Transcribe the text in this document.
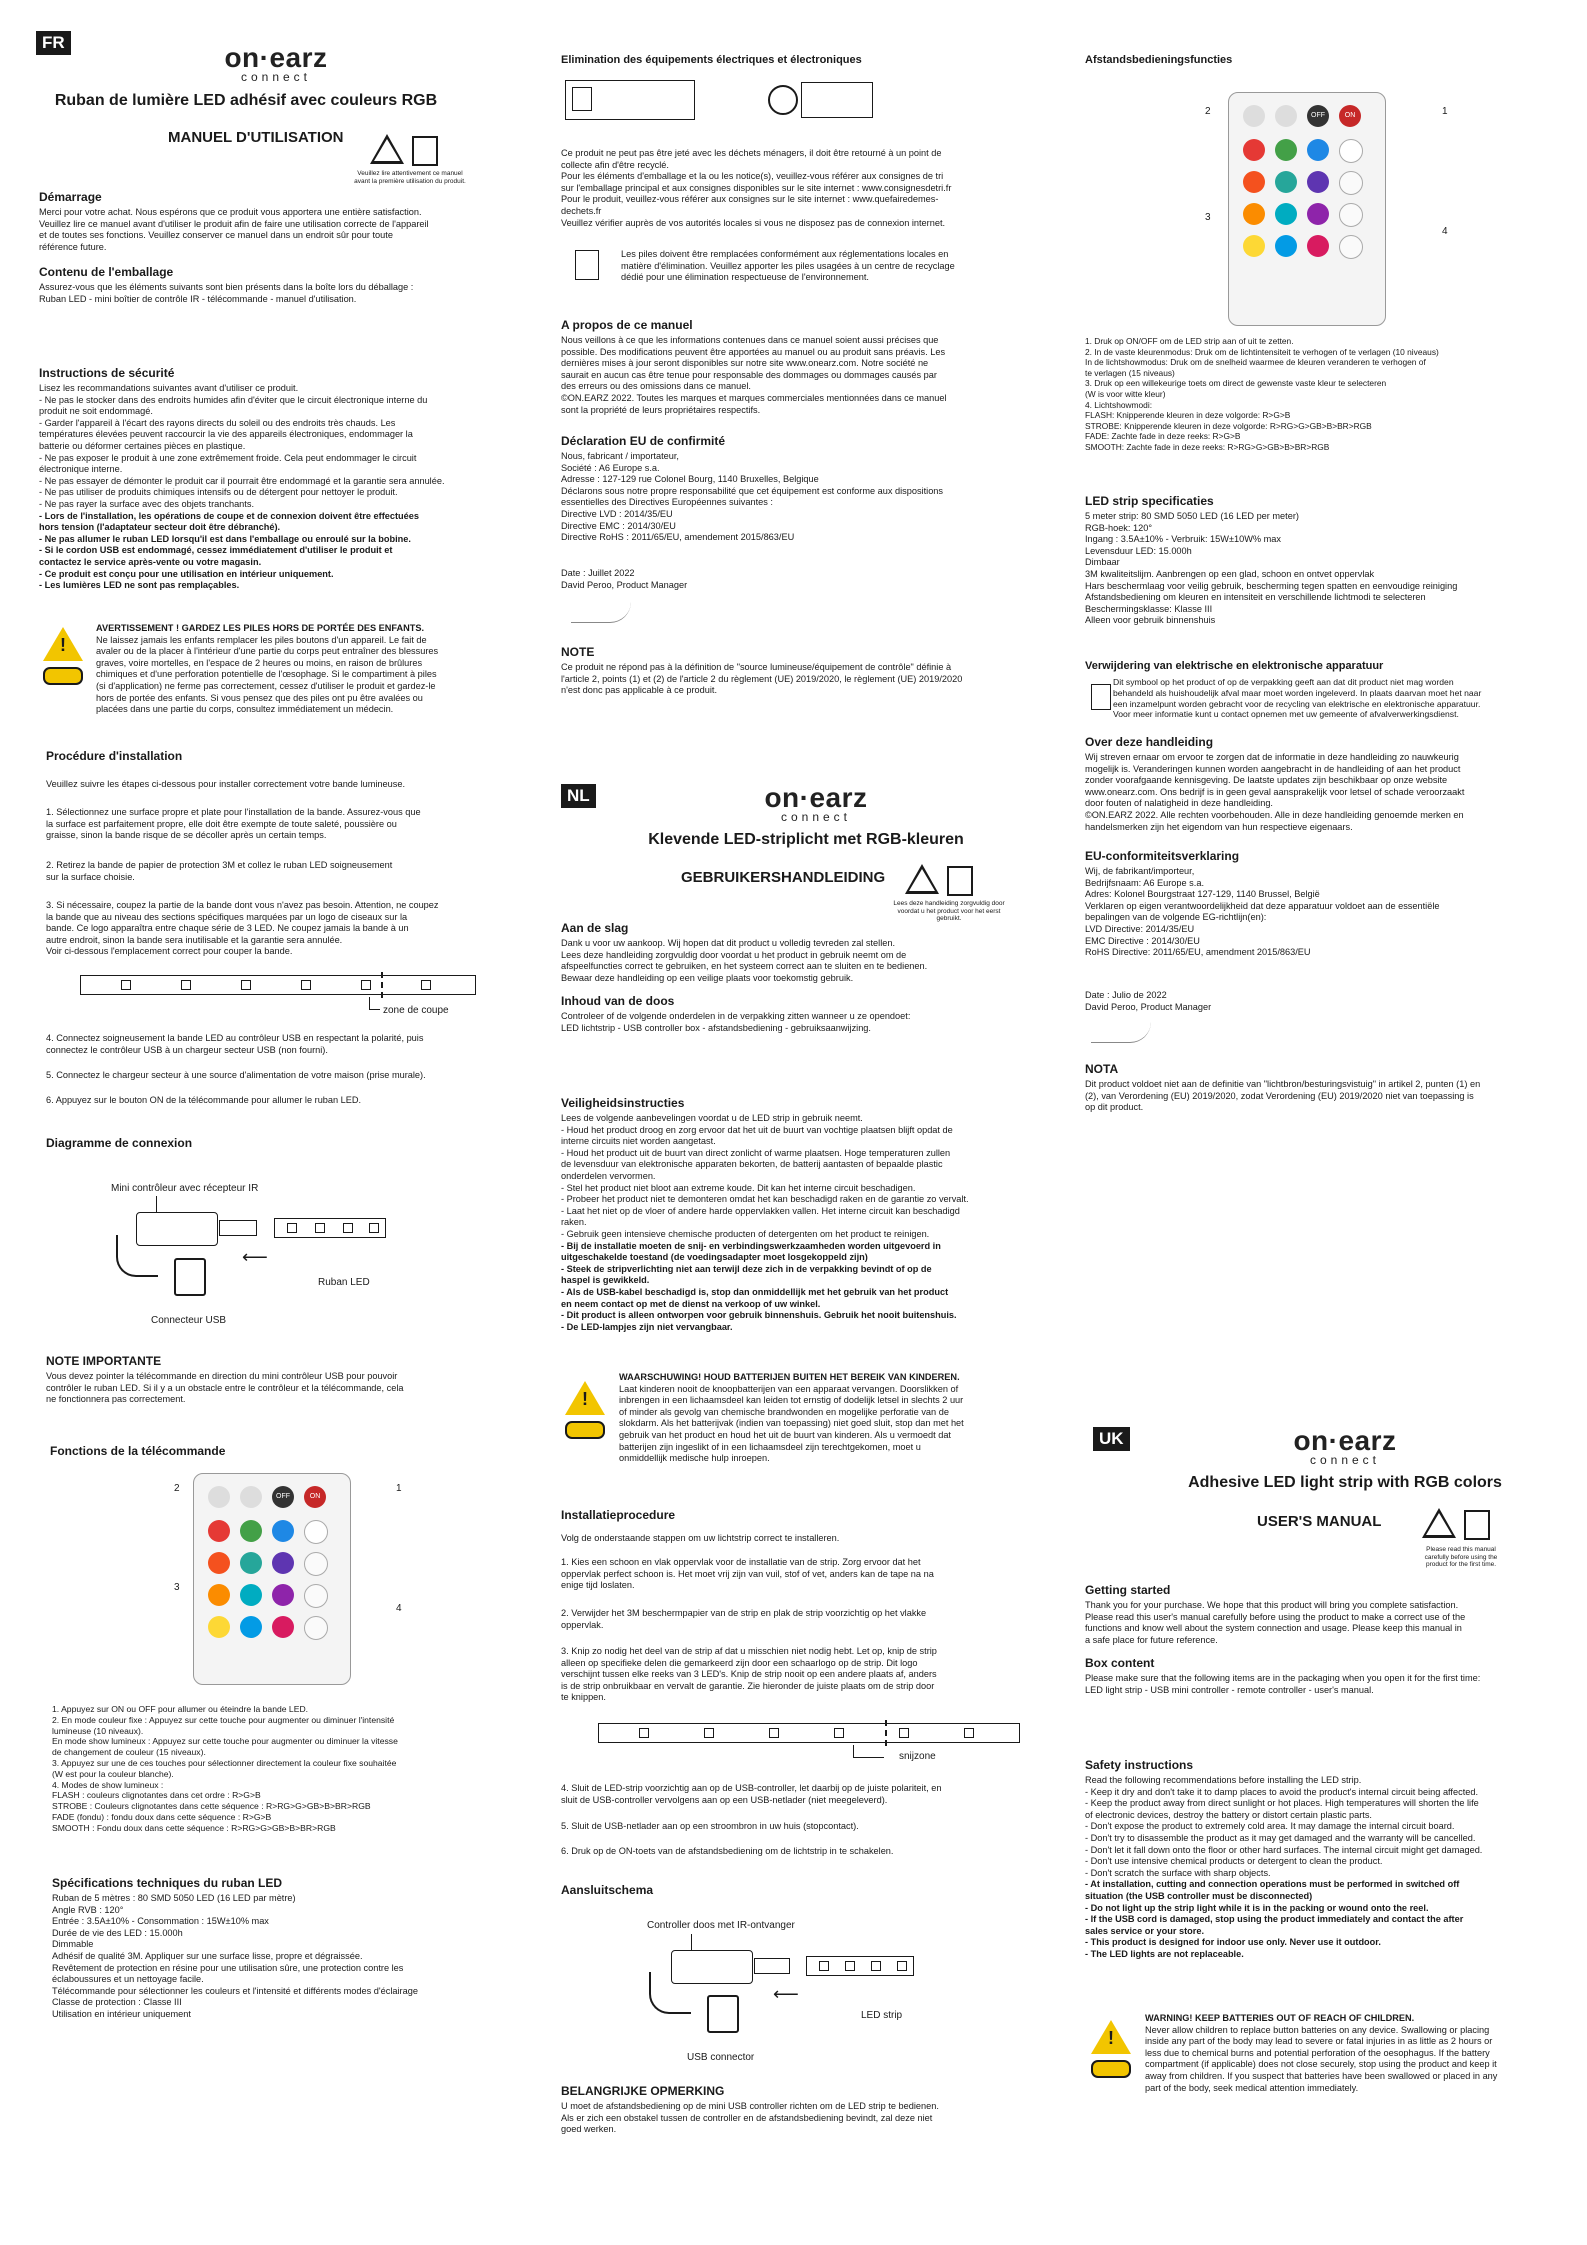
FR	on·earz
connect
Ruban de lumière LED adhésif avec couleurs RGB
MANUEL D'UTILISATION
Veuillez lire attentivement ce manuel avant la première utilisation du produit.
Démarrage

Merci pour votre achat. Nous espérons que ce produit vous apportera une entière satisfaction.
Veuillez lire ce manuel avant d'utiliser le produit afin de faire une utilisation correcte de l'appareil
et de toutes ses fonctions. Veuillez conserver ce manuel dans un endroit sûr pour toute
référence future.

Contenu de l'emballage

Assurez-vous que les éléments suivants sont bien présents dans la boîte lors du déballage :
Ruban LED - mini boîtier de contrôle IR - télécommande - manuel d'utilisation.

Instructions de sécurité

Lisez les recommandations suivantes avant d'utiliser ce produit.
- Ne pas le stocker dans des endroits humides afin d'éviter que le circuit électronique interne du
produit ne soit endommagé.
- Garder l'appareil à l'écart des rayons directs du soleil ou des endroits très chauds. Les
températures élevées peuvent raccourcir la vie des appareils électroniques, endommager la
batterie ou déformer certaines pièces en plastique.
- Ne pas exposer le produit à une zone extrêmement froide. Cela peut endommager le circuit
électronique interne.
- Ne pas essayer de démonter le produit car il pourrait être endommagé et la garantie sera annulée.
- Ne pas utiliser de produits chimiques intensifs ou de détergent pour nettoyer le produit.
- Ne pas rayer la surface avec des objets tranchants.

- Lors de l'installation, les opérations de coupe et de connexion doivent être effectuées
hors tension (l'adaptateur secteur doit être débranché).
- Ne pas allumer le ruban LED lorsqu'il est dans l'emballage ou enroulé sur la bobine.
- Si le cordon USB est endommagé, cessez immédiatement d'utiliser le produit et
contactez le service après-vente ou votre magasin.
- Ce produit est conçu pour une utilisation en intérieur uniquement.
- Les lumières LED ne sont pas remplaçables.

!

AVERTISSEMENT ! GARDEZ LES PILES HORS DE PORTÉE DES ENFANTS.

Ne laissez jamais les enfants remplacer les piles boutons d'un appareil. Le fait de
avaler ou de la placer à l'intérieur d'une partie du corps peut entraîner des blessures
graves, voire mortelles, en l'espace de 2 heures ou moins, en raison de brûlures
chimiques et d'une perforation potentielle de l'œsophage. Si le compartiment à piles
(si d'application) ne ferme pas correctement, cessez d'utiliser le produit et gardez-le
hors de portée des enfants. Si vous pensez que des piles ont pu être avalées ou
placées dans une partie du corps, consultez immédiatement un médecin.

Procédure d'installation

Veuillez suivre les étapes ci-dessous pour installer correctement votre bande lumineuse.

1. Sélectionnez une surface propre et plate pour l'installation de la bande. Assurez-vous que
la surface est parfaitement propre, elle doit être exempte de toute saleté, poussière ou
graisse, sinon la bande risque de se décoller après un certain temps.

2. Retirez la bande de papier de protection 3M et collez le ruban LED soigneusement
sur la surface choisie.

3. Si nécessaire, coupez la partie de la bande dont vous n'avez pas besoin. Attention, ne coupez
la bande que au niveau des sections spécifiques marquées par un logo de ciseaux sur la
bande. Ce logo apparaîtra entre chaque série de 3 LED. Ne coupez jamais la bande à un
autre endroit, sinon la bande sera inutilisable et la garantie sera annulée.
Voir ci-dessous l'emplacement correct pour couper la bande.

zone de coupe

4. Connectez soigneusement la bande LED au contrôleur USB en respectant la polarité, puis
connectez le contrôleur USB à un chargeur secteur USB (non fourni).

5. Connectez le chargeur secteur à une source d'alimentation de votre maison (prise murale).

6. Appuyez sur le bouton ON de la télécommande pour allumer le ruban LED.

Diagramme de connexion
Mini contrôleur avec récepteur IR
⟵
Ruban LED
Connecteur USB
NOTE IMPORTANTE

Vous devez pointer la télécommande en direction du mini contrôleur USB pour pouvoir
contrôler le ruban LED. Si il y a un obstacle entre le contrôleur et la télécommande, cela
ne fonctionnera pas correctement.

Fonctions de la télécommande
OFF	ON
2	1
3
4

1. Appuyez sur ON ou OFF pour allumer ou éteindre la bande LED.
2. En mode couleur fixe : Appuyez sur cette touche pour augmenter ou diminuer l'intensité
lumineuse (10 niveaux).
En mode show lumineux : Appuyez sur cette touche pour augmenter ou diminuer la vitesse
de changement de couleur (15 niveaux).
3. Appuyez sur une de ces touches pour sélectionner directement la couleur fixe souhaitée
(W est pour la couleur blanche).
4. Modes de show lumineux :
FLASH : couleurs clignotantes dans cet ordre : R>G>B
STROBE : Couleurs clignotantes dans cette séquence : R>RG>G>GB>B>BR>RGB
FADE (fondu) : fondu doux dans cette séquence : R>G>B
SMOOTH : Fondu doux dans cette séquence : R>RG>G>GB>B>BR>RGB

Spécifications techniques du ruban LED

Ruban de 5 mètres : 80 SMD 5050 LED (16 LED par mètre)
Angle RVB : 120°
Entrée : 3.5A±10% - Consommation : 15W±10% max
Durée de vie des LED : 15.000h
Dimmable
Adhésif de qualité 3M. Appliquer sur une surface lisse, propre et dégraissée.
Revêtement de protection en résine pour une utilisation sûre, une protection contre les
éclaboussures et un nettoyage facile.
Télécommande pour sélectionner les couleurs et l'intensité et différents modes d'éclairage
Classe de protection : Classe III
Utilisation en intérieur uniquement

Elimination des équipements électriques et électroniques

Ce produit ne peut pas être jeté avec les déchets ménagers, il doit être retourné à un point de
collecte afin d'être recyclé.
Pour les éléments d'emballage et la ou les notice(s), veuillez-vous référer aux consignes de tri
sur l'emballage principal et aux consignes disponibles sur le site internet : www.consignesdetri.fr
Pour le produit, veuillez-vous référer aux consignes sur le site internet : www.quefairedemes-
dechets.fr
Veuillez vérifier auprès de vos autorités locales si vous ne disposez pas de connexion internet.

Les piles doivent être remplacées conformément aux réglementations locales en
matière d'élimination. Veuillez apporter les piles usagées à un centre de recyclage
dédié pour une élimination respectueuse de l'environnement.

A propos de ce manuel

Nous veillons à ce que les informations contenues dans ce manuel soient aussi précises que
possible. Des modifications peuvent être apportées au manuel ou au produit sans préavis. Les
dernières mises à jour seront disponibles sur notre site www.onearz.com. Notre société ne
saurait en aucun cas être tenue pour responsable des dommages ou dommages causés par
des erreurs ou des omissions dans ce manuel.
©ON.EARZ 2022. Toutes les marques et marques commerciales mentionnées dans ce manuel
sont la propriété de leurs propriétaires respectifs.

Déclaration EU de confirmité

Nous, fabricant / importateur,
Société : A6 Europe s.a.
Adresse : 127-129 rue Colonel Bourg, 1140 Bruxelles, Belgique
Déclarons sous notre propre responsabilité que cet équipement est conforme aux dispositions
essentielles des Directives Européennes suivantes :
Directive LVD : 2014/35/EU
Directive EMC : 2014/30/EU
Directive RoHS : 2011/65/EU, amendement 2015/863/EU

Date : Juillet 2022
David Peroo, Product Manager

NOTE

Ce produit ne répond pas à la définition de "source lumineuse/équipement de contrôle" définie à
l'article 2, points (1) et (2) de l'article 2 du règlement (UE) 2019/2020, le règlement (UE) 2019/2020
n'est donc pas applicable à ce produit.

NL	on·earz
connect
Klevende LED-striplicht met RGB-kleuren
GEBRUIKERSHANDLEIDING
Lees deze handleiding zorgvuldig door voordat u het product voor het eerst gebruikt.
Aan de slag

Dank u voor uw aankoop. Wij hopen dat dit product u volledig tevreden zal stellen.
Lees deze handleiding zorgvuldig door voordat u het product in gebruik neemt om de
afspeelfuncties correct te gebruiken, en het systeem correct aan te sluiten en te bedienen.
Bewaar deze handleiding op een veilige plaats voor toekomstig gebruik.

Inhoud van de doos

Controleer of de volgende onderdelen in de verpakking zitten wanneer u ze opendoet:
LED lichtstrip - USB controller box - afstandsbediening - gebruiksaanwijzing.

Veiligheidsinstructies

Lees de volgende aanbevelingen voordat u de LED strip in gebruik neemt.
- Houd het product droog en zorg ervoor dat het uit de buurt van vochtige plaatsen blijft opdat de
interne circuits niet worden aangetast.
- Houd het product uit de buurt van direct zonlicht of warme plaatsen. Hoge temperaturen zullen
de levensduur van elektronische apparaten bekorten, de batterij aantasten of bepaalde plastic
onderdelen vervormen.
- Stel het product niet bloot aan extreme koude. Dit kan het interne circuit beschadigen.
- Probeer het product niet te demonteren omdat het kan beschadigd raken en de garantie zo vervalt.
- Laat het niet op de vloer of andere harde oppervlakken vallen. Het interne circuit kan beschadigd
raken.
- Gebruik geen intensieve chemische producten of detergenten om het product te reinigen.

- Bij de installatie moeten de snij- en verbindingswerkzaamheden worden uitgevoerd in
uitgeschakelde toestand (de voedingsadapter moet losgekoppeld zijn)
- Steek de stripverlichting niet aan terwijl deze zich in de verpakking bevindt of op de
haspel is gewikkeld.
- Als de USB-kabel beschadigd is, stop dan onmiddellijk met het gebruik van het product
en neem contact op met de dienst na verkoop of uw winkel.
- Dit product is alleen ontworpen voor gebruik binnenshuis. Gebruik het nooit buitenshuis.
- De LED-lampjes zijn niet vervangbaar.

!

WAARSCHUWING! HOUD BATTERIJEN BUITEN HET BEREIK VAN KINDEREN.

Laat kinderen nooit de knoopbatterijen van een apparaat vervangen. Doorslikken of
inbrengen in een lichaamsdeel kan leiden tot ernstig of dodelijk letsel in slechts 2 uur
of minder als gevolg van chemische brandwonden en mogelijke perforatie van de
slokdarm. Als het batterijvak (indien van toepassing) niet goed sluit, stop dan met het
gebruik van het product en houd het uit de buurt van kinderen. Als u vermoedt dat
batterijen zijn ingeslikt of in een lichaamsdeel zijn terechtgekomen, moet u
onmiddellijk medische hulp inroepen.

Installatieprocedure

Volg de onderstaande stappen om uw lichtstrip correct te installeren.

1. Kies een schoon en vlak oppervlak voor de installatie van de strip. Zorg ervoor dat het
oppervlak perfect schoon is. Het moet vrij zijn van vuil, stof of vet, anders kan de tape na na
enige tijd loslaten.

2. Verwijder het 3M beschermpapier van de strip en plak de strip voorzichtig op het vlakke
oppervlak.

3. Knip zo nodig het deel van de strip af dat u misschien niet nodig hebt. Let op, knip de strip
alleen op specifieke delen die gemarkeerd zijn door een schaarlogo op de strip. Dit logo
verschijnt tussen elke reeks van 3 LED's. Knip de strip nooit op een andere plaats af, anders
is de strip onbruikbaar en vervalt de garantie. Zie hieronder de juiste plaats om de strip door
te knippen.

snijzone

4. Sluit de LED-strip voorzichtig aan op de USB-controller, let daarbij op de juiste polariteit, en
sluit de USB-controller vervolgens aan op een USB-netlader (niet meegeleverd).

5. Sluit de USB-netlader aan op een stroombron in uw huis (stopcontact).

6. Druk op de ON-toets van de afstandsbediening om de lichtstrip in te schakelen.

Aansluitschema
Controller doos met IR-ontvanger
⟵
LED strip
USB connector
BELANGRIJKE OPMERKING

U moet de afstandsbediening op de mini USB controller richten om de LED strip te bedienen.
Als er zich een obstakel tussen de controller en de afstandsbediening bevindt, zal deze niet
goed werken.

Afstandsbedieningsfuncties
OFF	ON
2	1
3
4

1. Druk op ON/OFF om de LED strip aan of uit te zetten.
2. In de vaste kleurenmodus: Druk om de lichtintensiteit te verhogen of te verlagen (10 niveaus)
In de lichtshowmodus: Druk om de snelheid waarmee de kleuren veranderen te verhogen of
te verlagen (15 niveaus)
3. Druk op een willekeurige toets om direct de gewenste vaste kleur te selecteren
(W is voor witte kleur)
4. Lichtshowmodi:
FLASH: Knipperende kleuren in deze volgorde: R>G>B
STROBE: Knipperende kleuren in deze volgorde: R>RG>G>GB>B>BR>RGB
FADE: Zachte fade in deze reeks: R>G>B
SMOOTH: Zachte fade in deze reeks: R>RG>G>GB>B>BR>RGB

LED strip specificaties

5 meter strip: 80 SMD 5050 LED (16 LED per meter)
RGB-hoek: 120°
Ingang : 3.5A±10% - Verbruik: 15W±10W% max
Levensduur LED: 15.000h
Dimbaar
3M kwaliteitslijm. Aanbrengen op een glad, schoon en ontvet oppervlak
Hars beschermlaag voor veilig gebruik, bescherming tegen spatten en eenvoudige reiniging
Afstandsbediening om kleuren en intensiteit en verschillende lichtmodi te selecteren
Beschermingsklasse: Klasse III
Alleen voor gebruik binnenshuis

Verwijdering van elektrische en elektronische apparatuur

Dit symbool op het product of op de verpakking geeft aan dat dit product niet mag worden
behandeld als huishoudelijk afval maar moet worden ingeleverd. In plaats daarvan moet het naar
een inzamelpunt worden gebracht voor de recycling van elektrische en elektronische apparatuur.
Voor meer informatie kunt u contact opnemen met uw gemeente of afvalverwerkingsdienst.

Over deze handleiding

Wij streven ernaar om ervoor te zorgen dat de informatie in deze handleiding zo nauwkeurig
mogelijk is. Veranderingen kunnen worden aangebracht in de handleiding of aan het product
zonder voorafgaande kennisgeving. De laatste updates zijn beschikbaar op onze website
www.onearz.com. Ons bedrijf is in geen geval aansprakelijk voor letsel of schade veroorzaakt
door fouten of nalatigheid in deze handleiding.
©ON.EARZ 2022. Alle rechten voorbehouden. Alle in deze handleiding genoemde merken en
handelsmerken zijn het eigendom van hun respectieve eigenaars.

EU-conformiteitsverklaring

Wij, de fabrikant/importeur,
Bedrijfsnaam: A6 Europe s.a.
Adres: Kolonel Bourgstraat 127-129, 1140 Brussel, België
Verklaren op eigen verantwoordelijkheid dat deze apparatuur voldoet aan de essentiële
bepalingen van de volgende EG-richtlijn(en):
LVD Directive: 2014/35/EU
EMC Directive : 2014/30/EU
RoHS Directive: 2011/65/EU, amendment 2015/863/EU

Date : Julio de 2022
David Peroo, Product Manager

NOTA

Dit product voldoet niet aan de definitie van "lichtbron/besturingsvistuig" in artikel 2, punten (1) en
(2), van Verordening (EU) 2019/2020, zodat Verordening (EU) 2019/2020 niet van toepassing is
op dit product.

UK	on·earz
connect
Adhesive LED light strip with RGB colors
USER'S MANUAL
Please read this manual carefully before using the product for the first time.
Getting started

Thank you for your purchase. We hope that this product will bring you complete satisfaction.
Please read this user's manual carefully before using the product to make a correct use of the
functions and know well about the system connection and usage. Please keep this manual in
a safe place for future reference.

Box content

Please make sure that the following items are in the packaging when you open it for the first time:
LED light strip - USB mini controller - remote controller - user's manual.

Safety instructions

Read the following recommendations before installing the LED strip.
- Keep it dry and don't take it to damp places to avoid the product's internal circuit being affected.
- Keep the product away from direct sunlight or hot places. High temperatures will shorten the life
of electronic devices, destroy the battery or distort certain plastic parts.
- Don't expose the product to extremely cold area. It may damage the internal circuit board.
- Don't try to disassemble the product as it may get damaged and the warranty will be cancelled.
- Don't let it fall down onto the floor or other hard surfaces. The internal circuit might get damaged.
- Don't use intensive chemical products or detergent to clean the product.
- Don't scratch the surface with sharp objects.

- At installation, cutting and connection operations must be performed in switched off
situation (the USB controller must be disconnected)
- Do not light up the strip light while it is in the packing or wound onto the reel.
- If the USB cord is damaged, stop using the product immediately and contact the after
sales service or your store.
- This product is designed for indoor use only. Never use it outdoor.
- The LED lights are not replaceable.

!

WARNING! KEEP BATTERIES OUT OF REACH OF CHILDREN.

Never allow children to replace button batteries on any device. Swallowing or placing
inside any part of the body may lead to severe or fatal injuries in as little as 2 hours or
less due to chemical burns and potential perforation of the oesophagus. If the battery
compartment (if applicable) does not close securely, stop using the product and keep it
away from children. If you suspect that batteries have been swallowed or placed in any
part of the body, seek medical attention immediately.
